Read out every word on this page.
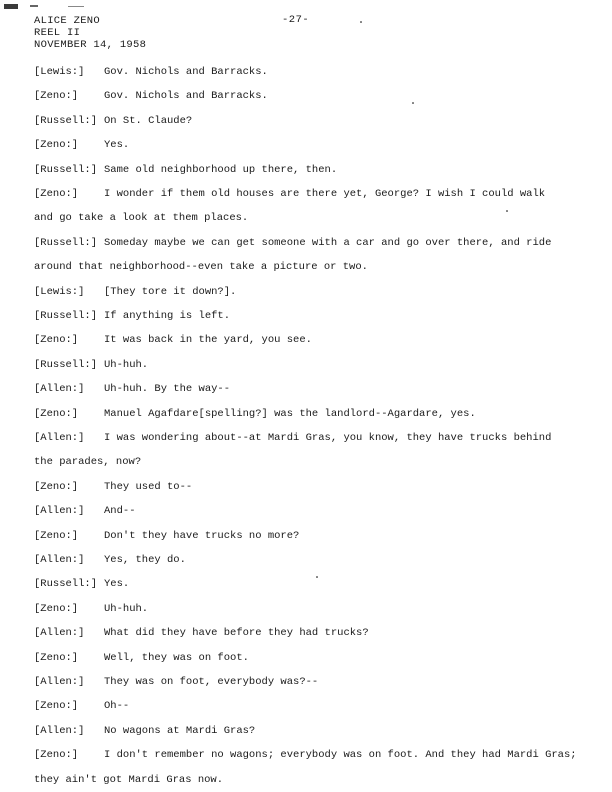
ALICE ZENO
REEL II
NOVEMBER 14, 1958
-27-
[Lewis:] Gov. Nichols and Barracks.
[Zeno:] Gov. Nichols and Barracks.
[Russell:] On St. Claude?
[Zeno:] Yes.
[Russell:] Same old neighborhood up there, then.
[Zeno:] I wonder if them old houses are there yet, George? I wish I could walk
and go take a look at them places.
[Russell:] Someday maybe we can get someone with a car and go over there, and ride
around that neighborhood--even take a picture or two.
[Lewis:] [They tore it down?].
[Russell:] If anything is left.
[Zeno:] It was back in the yard, you see.
[Russell:] Uh-huh.
[Allen:] Uh-huh. By the way--
[Zeno:] Manuel Agafdare[spelling?] was the landlord--Agardare, yes.
[Allen:] I was wondering about--at Mardi Gras, you know, they have trucks behind
the parades, now?
[Zeno:] They used to--
[Allen:] And--
[Zeno:] Don't they have trucks no more?
[Allen:] Yes, they do.
[Russell:] Yes.
[Zeno:] Uh-huh.
[Allen:] What did they have before they had trucks?
[Zeno:] Well, they was on foot.
[Allen:] They was on foot, everybody was?--
[Zeno:] Oh--
[Allen:] No wagons at Mardi Gras?
[Zeno:] I don't remember no wagons; everybody was on foot. And they had Mardi Gras;
they ain't got Mardi Gras now.
